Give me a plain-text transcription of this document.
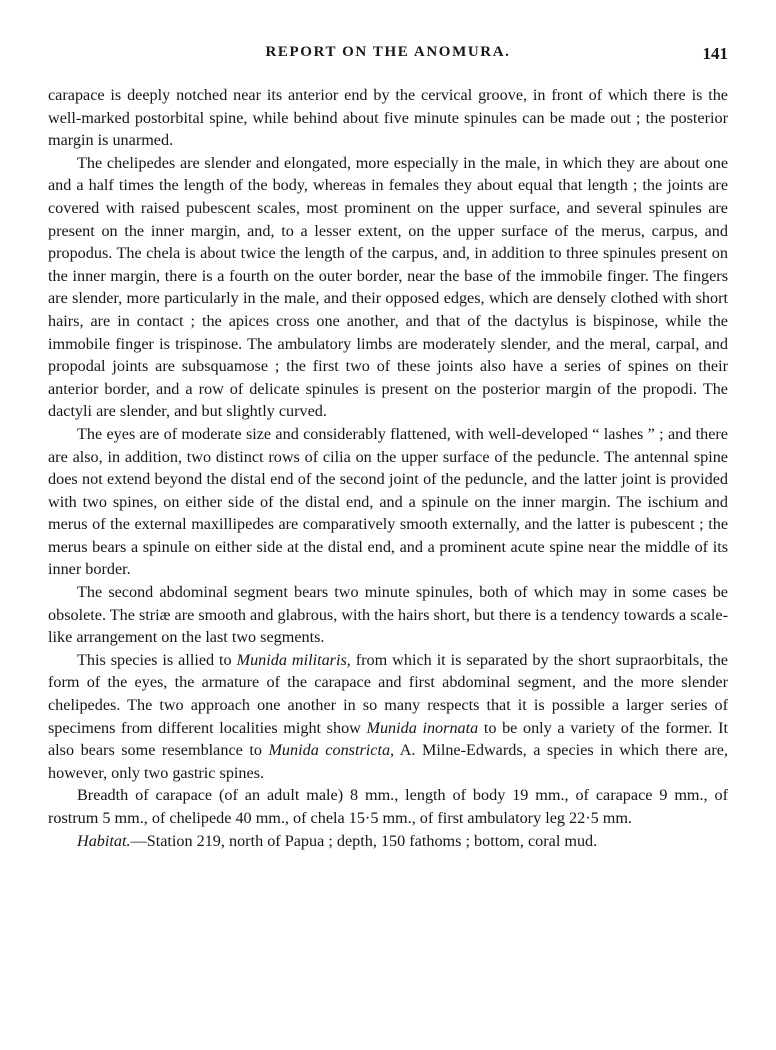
REPORT ON THE ANOMURA.	141

carapace is deeply notched near its anterior end by the cervical groove, in front of which there is the well-marked postorbital spine, while behind about five minute spinules can be made out ; the posterior margin is unarmed.

The chelipedes are slender and elongated, more especially in the male, in which they are about one and a half times the length of the body, whereas in females they about equal that length ; the joints are covered with raised pubescent scales, most prominent on the upper surface, and several spinules are present on the inner margin, and, to a lesser extent, on the upper surface of the merus, carpus, and propodus. The chela is about twice the length of the carpus, and, in addition to three spinules present on the inner margin, there is a fourth on the outer border, near the base of the immobile finger. The fingers are slender, more particularly in the male, and their opposed edges, which are densely clothed with short hairs, are in contact ; the apices cross one another, and that of the dactylus is bispinose, while the immobile finger is trispinose. The ambulatory limbs are moderately slender, and the meral, carpal, and propodal joints are subsquamose ; the first two of these joints also have a series of spines on their anterior border, and a row of delicate spinules is present on the posterior margin of the propodi. The dactyli are slender, and but slightly curved.

The eyes are of moderate size and considerably flattened, with well-developed “ lashes ” ; and there are also, in addition, two distinct rows of cilia on the upper surface of the peduncle. The antennal spine does not extend beyond the distal end of the second joint of the peduncle, and the latter joint is provided with two spines, on either side of the distal end, and a spinule on the inner margin. The ischium and merus of the external maxillipedes are comparatively smooth externally, and the latter is pubescent ; the merus bears a spinule on either side at the distal end, and a prominent acute spine near the middle of its inner border.

The second abdominal segment bears two minute spinules, both of which may in some cases be obsolete. The striæ are smooth and glabrous, with the hairs short, but there is a tendency towards a scale-like arrangement on the last two segments.

This species is allied to Munida militaris, from which it is separated by the short supraorbitals, the form of the eyes, the armature of the carapace and first abdominal segment, and the more slender chelipedes. The two approach one another in so many respects that it is possible a larger series of specimens from different localities might show Munida inornata to be only a variety of the former. It also bears some resemblance to Munida constricta, A. Milne-Edwards, a species in which there are, however, only two gastric spines.

Breadth of carapace (of an adult male) 8 mm., length of body 19 mm., of carapace 9 mm., of rostrum 5 mm., of chelipede 40 mm., of chela 15·5 mm., of first ambulatory leg 22·5 mm.

Habitat.—Station 219, north of Papua ; depth, 150 fathoms ; bottom, coral mud.
